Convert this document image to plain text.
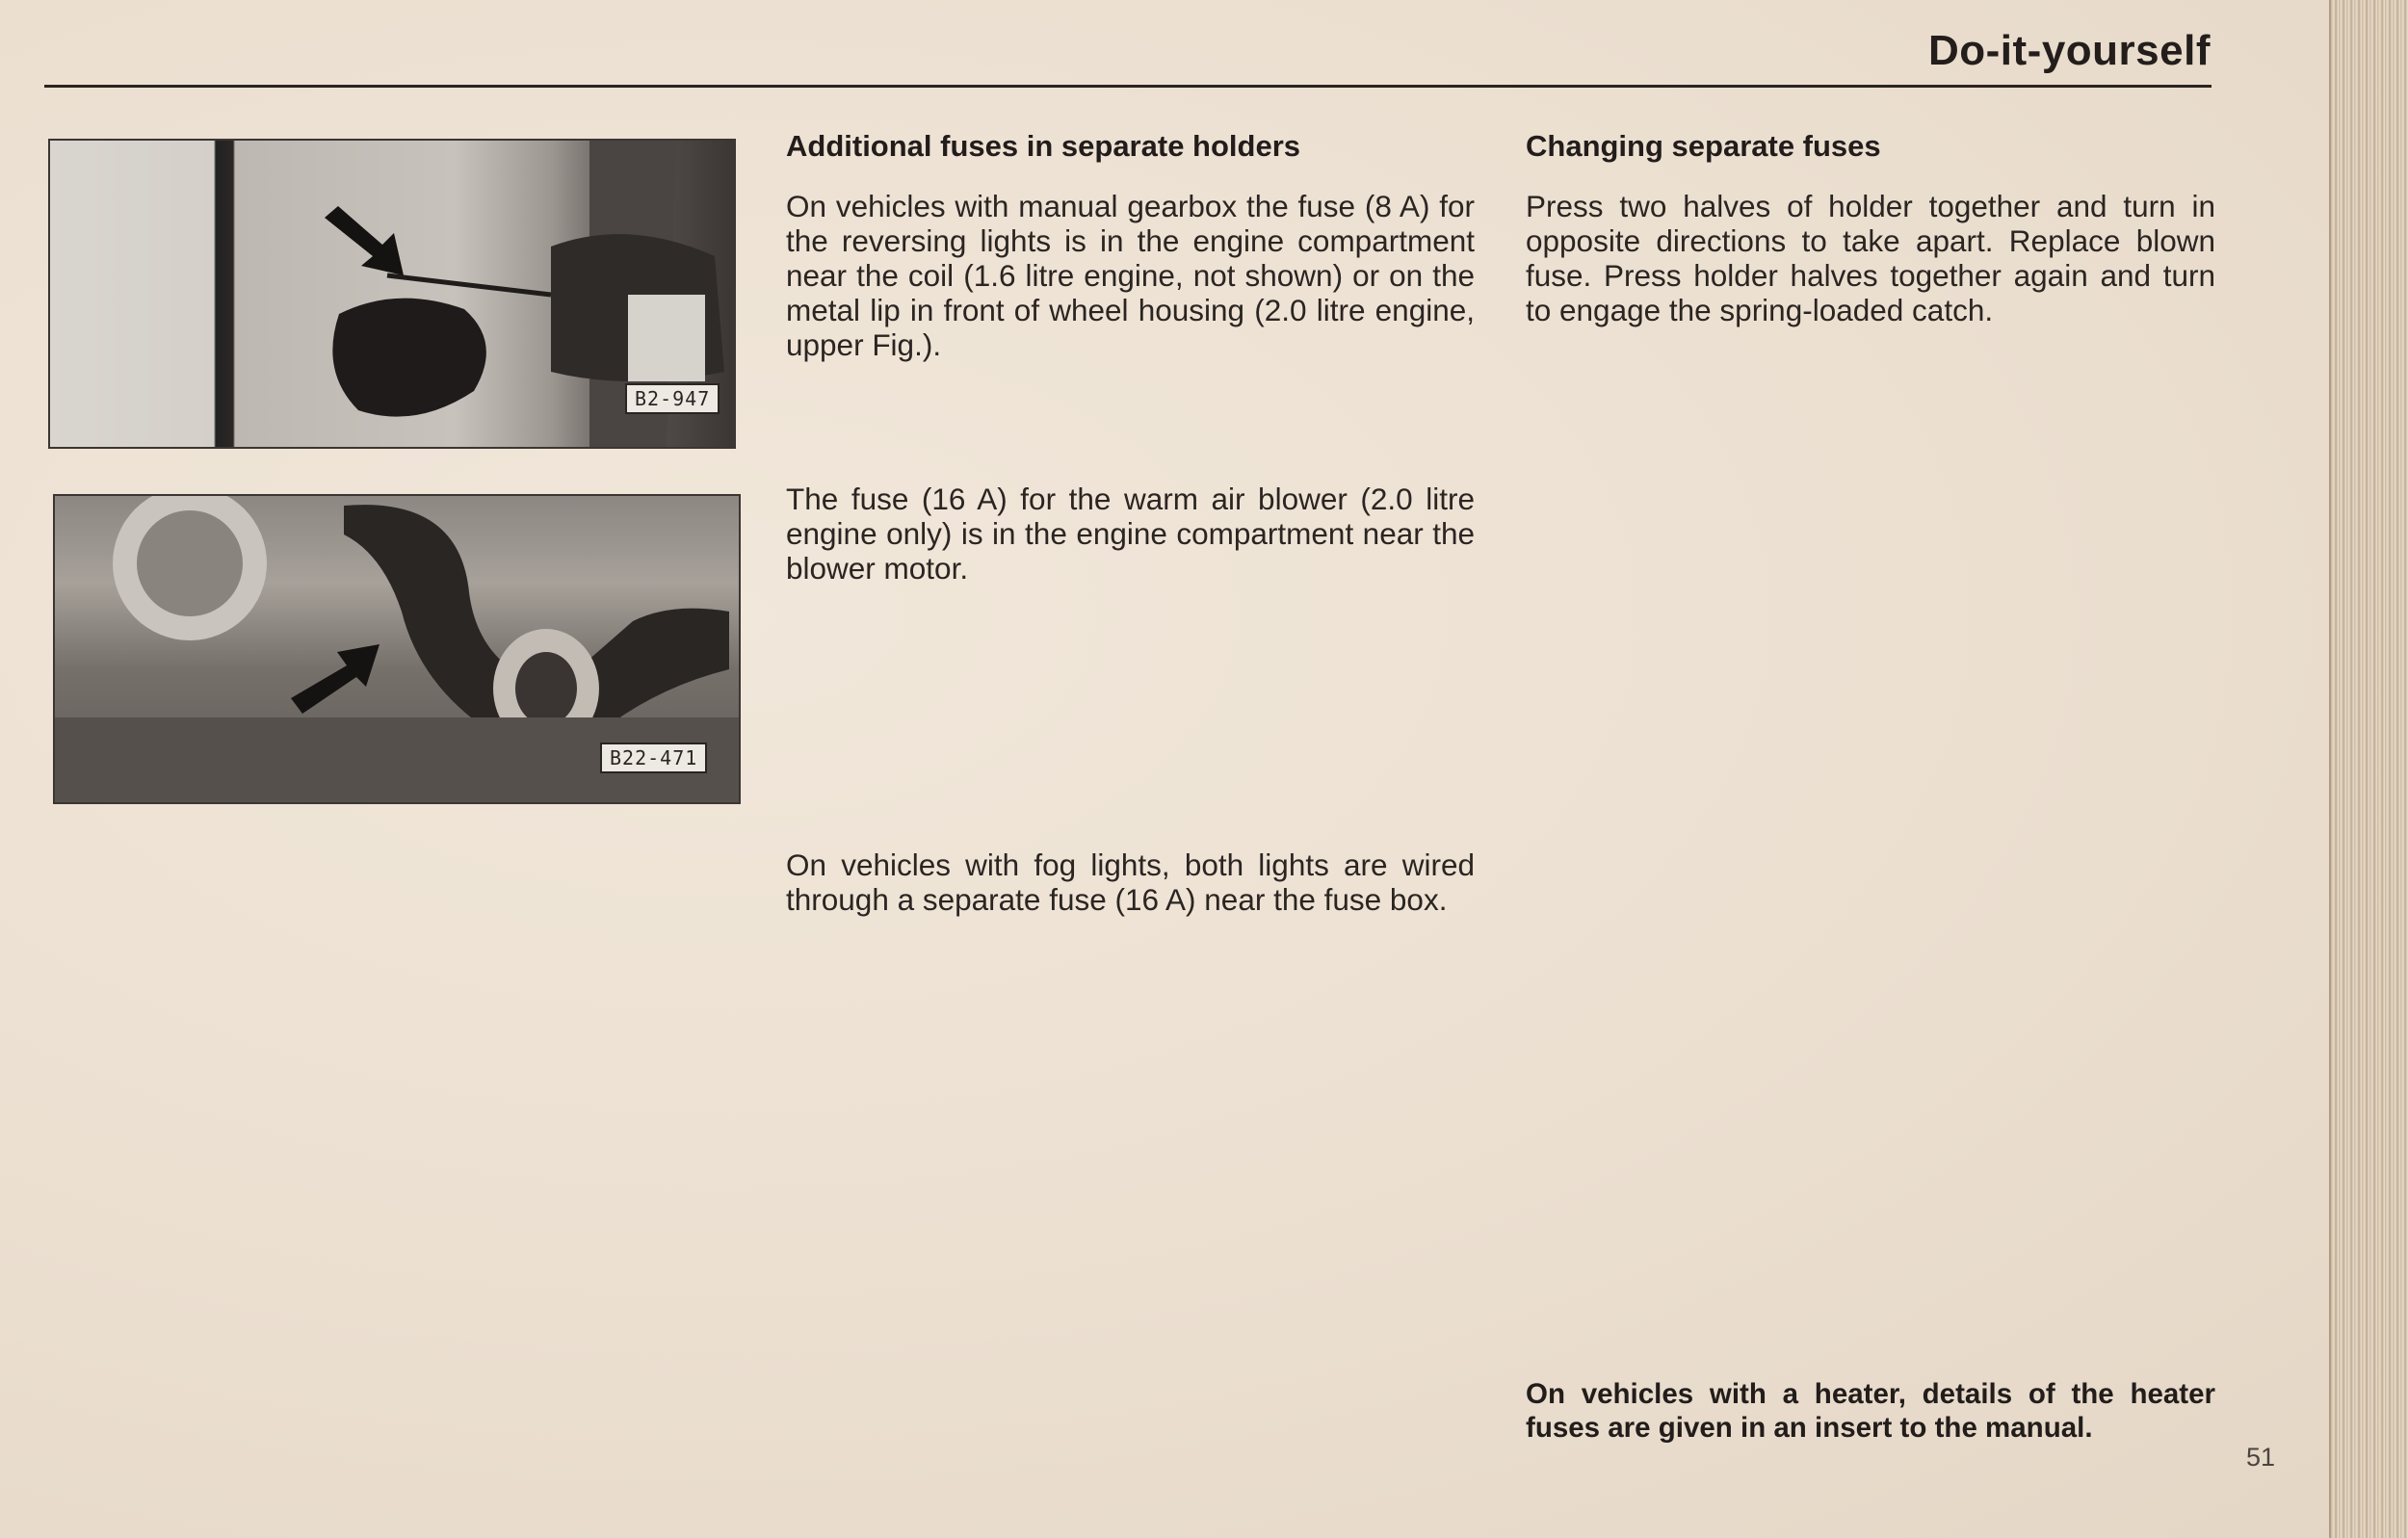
Do-it-yourself
B2-947
B22-471
Additional fuses in separate holders
On vehicles with manual gearbox the fuse (8 A) for the reversing lights is in the engine compartment near the coil (1.6 litre engine, not shown) or on the metal lip in front of wheel housing (2.0 litre engine, upper Fig.).
The fuse (16 A) for the warm air blower (2.0 litre engine only) is in the engine compartment near the blower motor.
On vehicles with fog lights, both lights are wired through a separate fuse (16 A) near the fuse box.
Changing separate fuses
Press two halves of holder together and turn in opposite directions to take apart. Replace blown fuse. Press holder halves together again and turn to engage the spring-loaded catch.
On vehicles with a heater, details of the heater fuses are given in an insert to the manual.
51
